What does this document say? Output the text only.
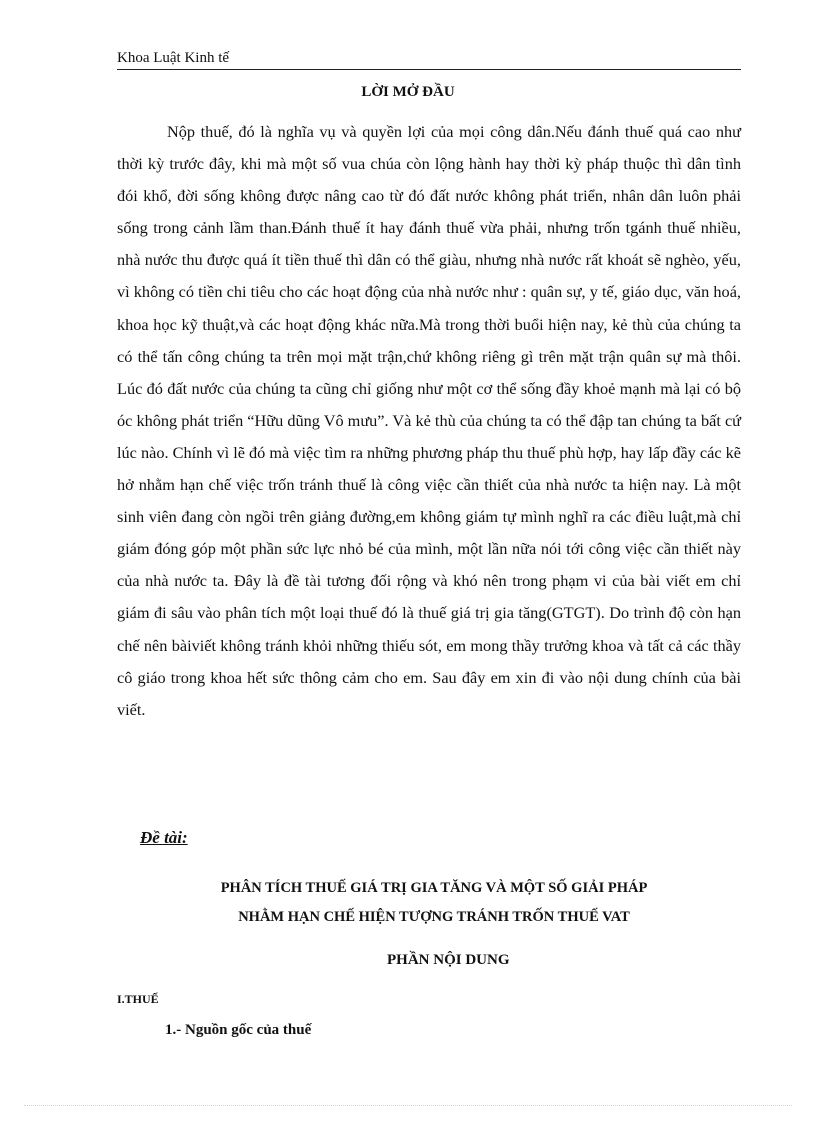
Khoa Luật Kinh tế
LỜI MỞ ĐẦU
Nộp thuế, đó là nghĩa vụ và quyền lợi của mọi công dân.Nếu đánh thuế quá cao như thời kỳ trước đây, khi mà một số vua chúa còn lộng hành hay thời kỳ pháp thuộc thì dân tình đói khổ, đời sống không được nâng cao từ đó đất nước không phát triển, nhân dân luôn phải sống trong cảnh lầm than.Đánh thuế ít hay đánh thuế vừa phải, nhưng trốn tgánh thuế nhiều, nhà nước thu được quá ít tiền thuế thì dân có thể giàu, nhưng nhà nước rất khoát sẽ nghèo, yếu, vì không có tiền chi tiêu cho các hoạt động của nhà nước như : quân sự, y tế, giáo dục, văn hoá, khoa học kỹ thuật,và các hoạt động khác nữa.Mà trong thời buổi hiện nay, kẻ thù của chúng ta có thể tấn công chúng ta trên mọi mặt trận,chứ không riêng gì trên mặt trận quân sự mà thôi. Lúc đó đất nước của chúng ta cũng chỉ giống như một cơ thể sống đầy khoẻ mạnh mà lại có bộ óc không phát triển “Hữu dũng Vô mưu”. Và kẻ thù của chúng ta có thể đập tan chúng ta bất cứ lúc nào. Chính vì lẽ đó mà việc tìm ra những phương pháp thu thuế phù hợp, hay lấp đầy các kẽ hở nhằm hạn chế việc trốn tránh thuế là công việc cần thiết của nhà nước ta hiện nay. Là một sinh viên đang còn ngồi trên giảng đường,em không giám tự mình nghĩ ra các điều luật,mà chỉ giám đóng góp một phần sức lực nhỏ bé của mình, một lần nữa nói tới công việc cần thiết này của nhà nước ta. Đây là đề tài tương đối rộng và khó nên trong phạm vi của bài viết em chỉ giám đi sâu vào phân tích một loại thuế đó là thuế giá trị gia tăng(GTGT). Do trình độ còn hạn chế nên bàiviết không tránh khỏi những thiếu sót, em mong thầy trưởng khoa và tất cả các thầy cô giáo trong khoa hết sức thông cảm cho em. Sau đây em xin đi vào nội dung chính của bài viết.
Đề tài:
PHÂN TÍCH THUẾ GIÁ TRỊ GIA TĂNG VÀ MỘT SỐ GIẢI PHÁP
NHẰM HẠN CHẾ HIỆN TƯỢNG TRÁNH TRỐN THUẾ VAT
PHẦN NỘI DUNG
I.THUẾ
1.- Nguồn gốc của thuế
